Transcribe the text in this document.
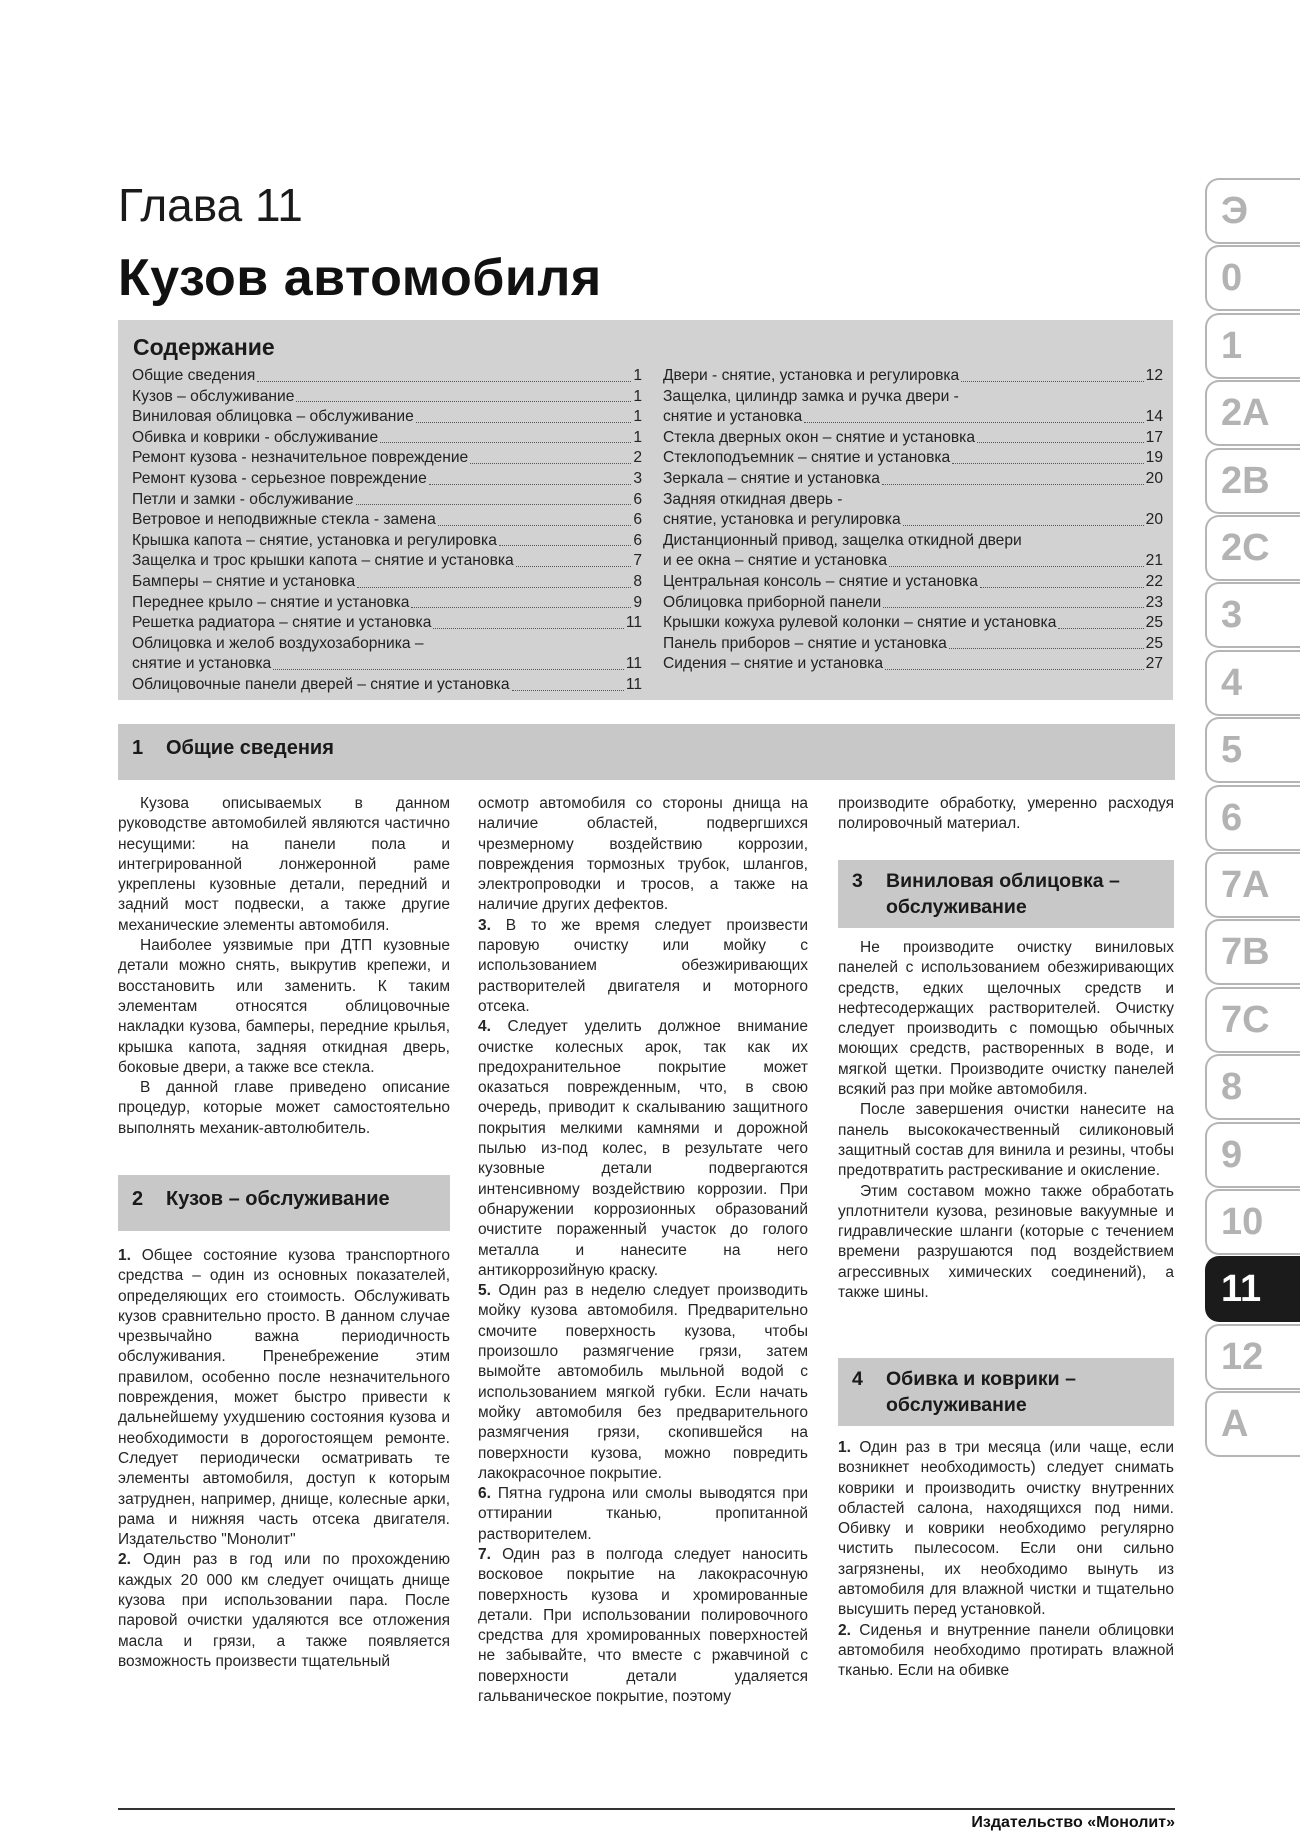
Глава 11
Кузов автомобиля
Содержание
Общие сведения	1
Кузов – обслуживание	1
Виниловая облицовка – обслуживание	1
Обивка и коврики - обслуживание	1
Ремонт кузова - незначительное повреждение	2
Ремонт кузова - серьезное повреждение	3
Петли и замки - обслуживание	6
Ветровое и неподвижные стекла - замена	6
Крышка капота – снятие, установка и регулировка	6
Защелка и трос крышки капота – снятие и установка	7
Бамперы – снятие и установка	8
Переднее крыло – снятие и установка	9
Решетка радиатора – снятие и установка	11
Облицовка и желоб воздухозаборника –
снятие и установка	11
Облицовочные панели дверей – снятие и установка	11
Двери - снятие, установка и регулировка	12
Защелка, цилиндр замка и ручка двери -
снятие и установка	14
Стекла дверных окон – снятие и установка	17
Стеклоподъемник – снятие и установка	19
Зеркала – снятие и установка	20
Задняя откидная дверь -
снятие, установка и регулировка	20
Дистанционный привод, защелка откидной двери
и ее окна – снятие и установка	21
Центральная консоль – снятие и установка	22
Облицовка приборной панели	23
Крышки кожуха рулевой колонки – снятие и установка	25
Панель приборов – снятие и установка	25
Сидения – снятие и установка	27
1 Общие сведения

Кузова описываемых в данном руководстве автомобилей являются частично несущими: на панели пола и интегрированной лонжеронной раме укреплены кузовные детали, передний и задний мост подвески, а также другие механические элементы автомобиля.

Наиболее уязвимые при ДТП кузовные детали можно снять, выкрутив крепежи, и восстановить или заменить. К таким элементам относятся облицовочные накладки кузова, бамперы, передние крылья, крышка капота, задняя откидная дверь, боковые двери, а также все стекла.

В данной главе приведено описание процедур, которые может самостоятельно выполнять механик-автолюбитель.

2 Кузов – обслуживание

1. Общее состояние кузова транспортного средства – один из основных показателей, определяющих его стоимость. Обслуживать кузов сравнительно просто. В данном случае чрезвычайно важна периодичность обслуживания. Пренебрежение этим правилом, особенно после незначительного повреждения, может быстро привести к дальнейшему ухудшению состояния кузова и необходимости в дорогостоящем ремонте. Следует периодически осматривать те элементы автомобиля, доступ к которым затруднен, например, днище, колесные арки, рама и нижняя часть отсека двигателя. Издательство "Монолит"

2. Один раз в год или по прохождению каждых 20 000 км следует очищать днище кузова при использовании пара. После паровой очистки удаляются все отложения масла и грязи, а также появляется возможность произвести тщательный

осмотр автомобиля со стороны днища на наличие областей, подвергшихся чрезмерному воздействию коррозии, повреждения тормозных трубок, шлангов, электропроводки и тросов, а также на наличие других дефектов.

3. В то же время следует произвести паровую очистку или мойку с использованием обезжиривающих растворителей двигателя и моторного отсека.

4. Следует уделить должное внимание очистке колесных арок, так как их предохранительное покрытие может оказаться поврежденным, что, в свою очередь, приводит к скалыванию защитного покрытия мелкими камнями и дорожной пылью из-под колес, в результате чего кузовные детали подвергаются интенсивному воздействию коррозии. При обнаружении коррозионных образований очистите пораженный участок до голого металла и нанесите на него антикоррозийную краску.

5. Один раз в неделю следует производить мойку кузова автомобиля. Предварительно смочите поверхность кузова, чтобы произошло размягчение грязи, затем вымойте автомобиль мыльной водой с использованием мягкой губки. Если начать мойку автомобиля без предварительного размягчения грязи, скопившейся на поверхности кузова, можно повредить лакокрасочное покрытие.

6. Пятна гудрона или смолы выводятся при оттирании тканью, пропитанной растворителем.

7. Один раз в полгода следует наносить восковое покрытие на лакокрасочную поверхность кузова и хромированные детали. При использовании полировочного средства для хромированных поверхностей не забывайте, что вместе с ржавчиной с поверхности детали удаляется гальваническое покрытие, поэтому

производите обработку, умеренно расходуя полировочный материал.

3 Виниловая облицовка –
обслуживание

Не производите очистку виниловых панелей с использованием обезжиривающих средств, едких щелочных средств и нефтесодержащих растворителей. Очистку следует производить с помощью обычных моющих средств, растворенных в воде, и мягкой щетки. Производите очистку панелей всякий раз при мойке автомобиля.

После завершения очистки нанесите на панель высококачественный силиконовый защитный состав для винила и резины, чтобы предотвратить растрескивание и окисление.

Этим составом можно также обработать уплотнители кузова, резиновые вакуумные и гидравлические шланги (которые с течением времени разрушаются под воздействием агрессивных химических соединений), а также шины.

4 Обивка и коврики –
обслуживание

1. Один раз в три месяца (или чаще, если возникнет необходимость) следует снимать коврики и производить очистку внутренних областей салона, находящихся под ними. Обивку и коврики необходимо регулярно чистить пылесосом. Если они сильно загрязнены, их необходимо вынуть из автомобиля для влажной чистки и тщательно высушить перед установкой.

2. Сиденья и внутренние панели облицовки автомобиля необходимо протирать влажной тканью. Если на обивке

Э
0
1
2A
2B
2C
3
4
5
6
7A
7B
7C
8
9
10
11
12
A
Издательство «Монолит»
